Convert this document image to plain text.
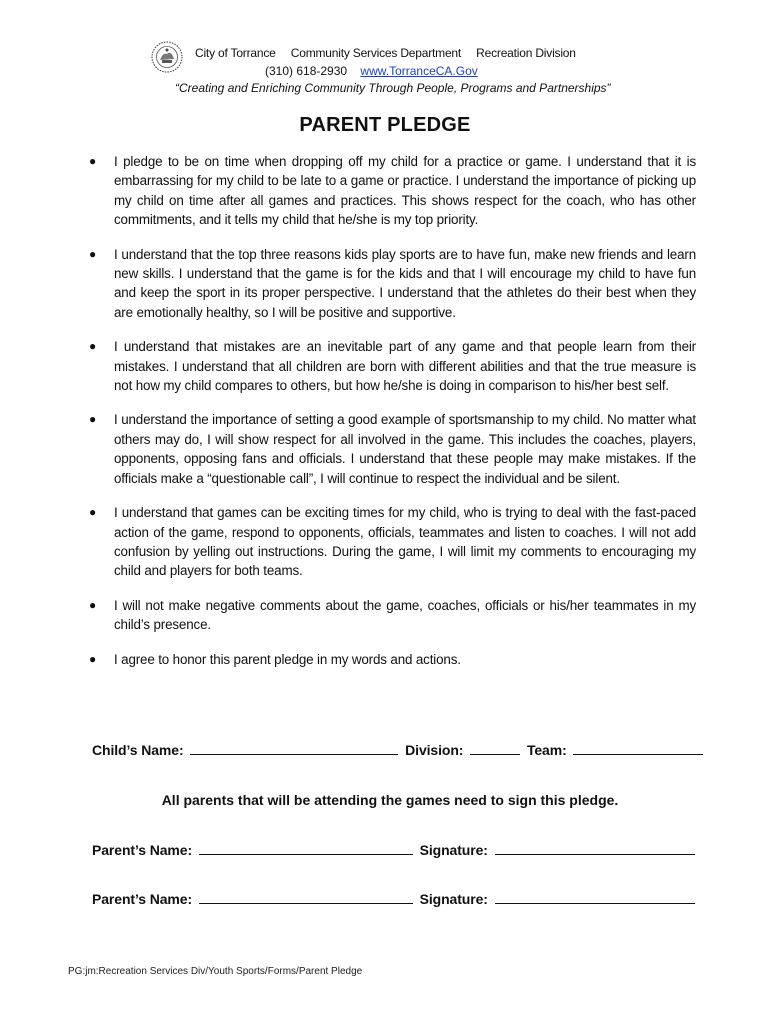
City of Torrance Community Services Department Recreation Division
(310) 618-2930 www.TorranceCA.Gov
“Creating and Enriching Community Through People, Programs and Partnerships”
PARENT PLEDGE
● I pledge to be on time when dropping off my child for a practice or game. I understand that it is embarrassing for my child to be late to a game or practice. I understand the importance of picking up my child on time after all games and practices. This shows respect for the coach, who has other commitments, and it tells my child that he/she is my top priority.
● I understand that the top three reasons kids play sports are to have fun, make new friends and learn new skills. I understand that the game is for the kids and that I will encourage my child to have fun and keep the sport in its proper perspective. I understand that the athletes do their best when they are emotionally healthy, so I will be positive and supportive.
● I understand that mistakes are an inevitable part of any game and that people learn from their mistakes. I understand that all children are born with different abilities and that the true measure is not how my child compares to others, but how he/she is doing in comparison to his/her best self.
● I understand the importance of setting a good example of sportsmanship to my child. No matter what others may do, I will show respect for all involved in the game. This includes the coaches, players, opponents, opposing fans and officials. I understand that these people may make mistakes. If the officials make a “questionable call”, I will continue to respect the individual and be silent.
● I understand that games can be exciting times for my child, who is trying to deal with the fast-paced action of the game, respond to opponents, officials, teammates and listen to coaches. I will not add confusion by yelling out instructions. During the game, I will limit my comments to encouraging my child and players for both teams.
● I will not make negative comments about the game, coaches, officials or his/her teammates in my child’s presence.
● I agree to honor this parent pledge in my words and actions.
Child’s Name:	Division:	Team:
All parents that will be attending the games need to sign this pledge.
Parent’s Name:	Signature:
Parent’s Name:	Signature:
PG:jm:Recreation Services Div/Youth Sports/Forms/Parent Pledge
